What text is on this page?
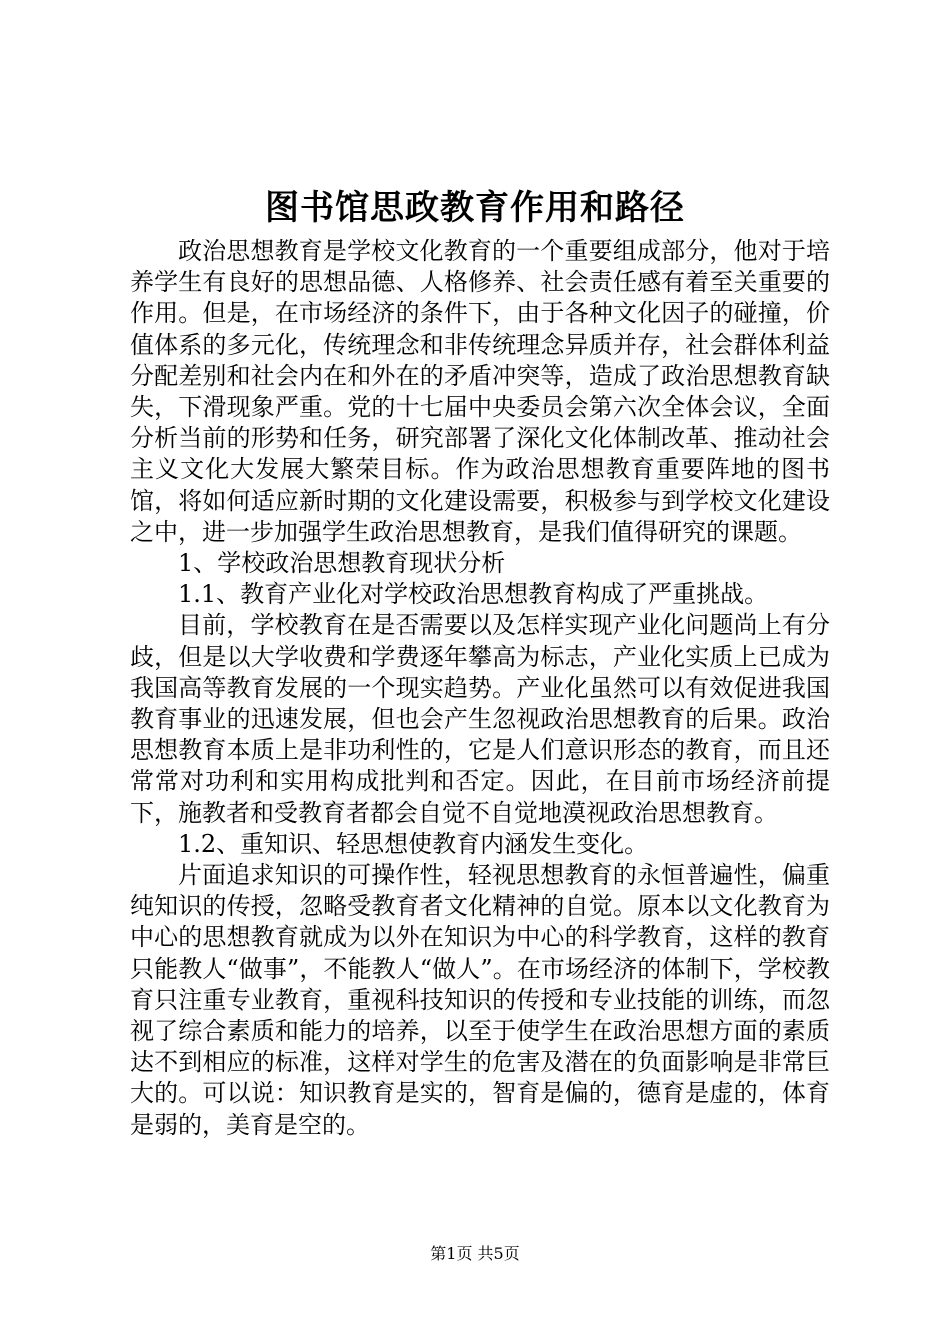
图书馆思政教育作用和路径

政治思想教育是学校文化教育的一个重要组成部分，他对于培养学生有良好的思想品德、人格修养、社会责任感有着至关重要的作用。但是，在市场经济的条件下，由于各种文化因子的碰撞，价值体系的多元化，传统理念和非传统理念异质并存，社会群体利益分配差别和社会内在和外在的矛盾冲突等，造成了政治思想教育缺失，下滑现象严重。党的十七届中央委员会第六次全体会议，全面分析当前的形势和任务，研究部署了深化文化体制改革、推动社会主义文化大发展大繁荣目标。作为政治思想教育重要阵地的图书馆，将如何适应新时期的文化建设需要，积极参与到学校文化建设之中，进一步加强学生政治思想教育，是我们值得研究的课题。

1、学校政治思想教育现状分析

1.1、教育产业化对学校政治思想教育构成了严重挑战。

目前，学校教育在是否需要以及怎样实现产业化问题尚上有分歧，但是以大学收费和学费逐年攀高为标志，产业化实质上已成为我国高等教育发展的一个现实趋势。产业化虽然可以有效促进我国教育事业的迅速发展，但也会产生忽视政治思想教育的后果。政治思想教育本质上是非功利性的，它是人们意识形态的教育，而且还常常对功利和实用构成批判和否定。因此，在目前市场经济前提下，施教者和受教育者都会自觉不自觉地漠视政治思想教育。

1.2、重知识、轻思想使教育内涵发生变化。

片面追求知识的可操作性，轻视思想教育的永恒普遍性，偏重纯知识的传授，忽略受教育者文化精神的自觉。原本以文化教育为中心的思想教育就成为以外在知识为中心的科学教育，这样的教育只能教人“做事”，不能教人“做人”。在市场经济的体制下，学校教育只注重专业教育，重视科技知识的传授和专业技能的训练，而忽视了综合素质和能力的培养，以至于使学生在政治思想方面的素质达不到相应的标准，这样对学生的危害及潜在的负面影响是非常巨大的。可以说：知识教育是实的，智育是偏的，德育是虚的，体育是弱的，美育是空的。

第1页 共5页
